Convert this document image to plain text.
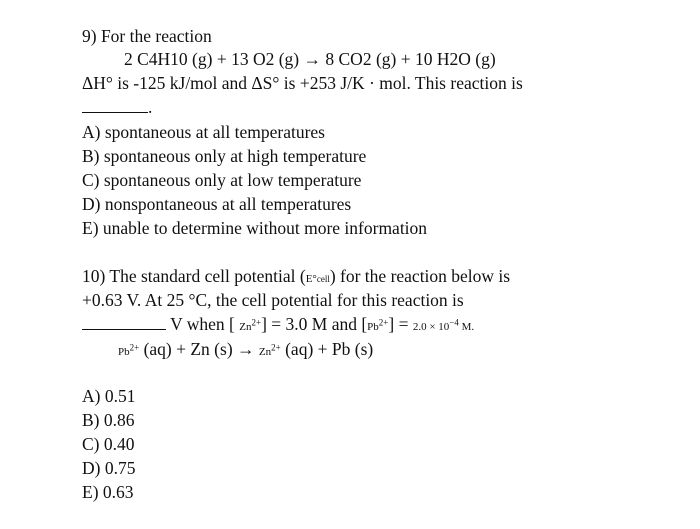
9) For the reaction
2 C4H10 (g) + 13 O2 (g) → 8 CO2 (g) + 10 H2O (g)
ΔH° is -125 kJ/mol and ΔS° is +253 J/K · mol. This reaction is
.
A) spontaneous at all temperatures
B) spontaneous only at high temperature
C) spontaneous only at low temperature
D) nonspontaneous at all temperatures
E) unable to determine without more information
10) The standard cell potential (E°cell) for the reaction below is
+0.63 V. At 25 °C, the cell potential for this reaction is
V when [ $Zn^{2+}] = 3.0$ M and $[Pb^{2+}] = 2.0 \times 10^{-4}$ M.
$Pb^{2+}$ (aq) + Zn $(s) \to Zn^{2+}$ (aq) + Pb (s)
A) 0.51
B) 0.86
C) 0.40
D) 0.75
E) 0.63
